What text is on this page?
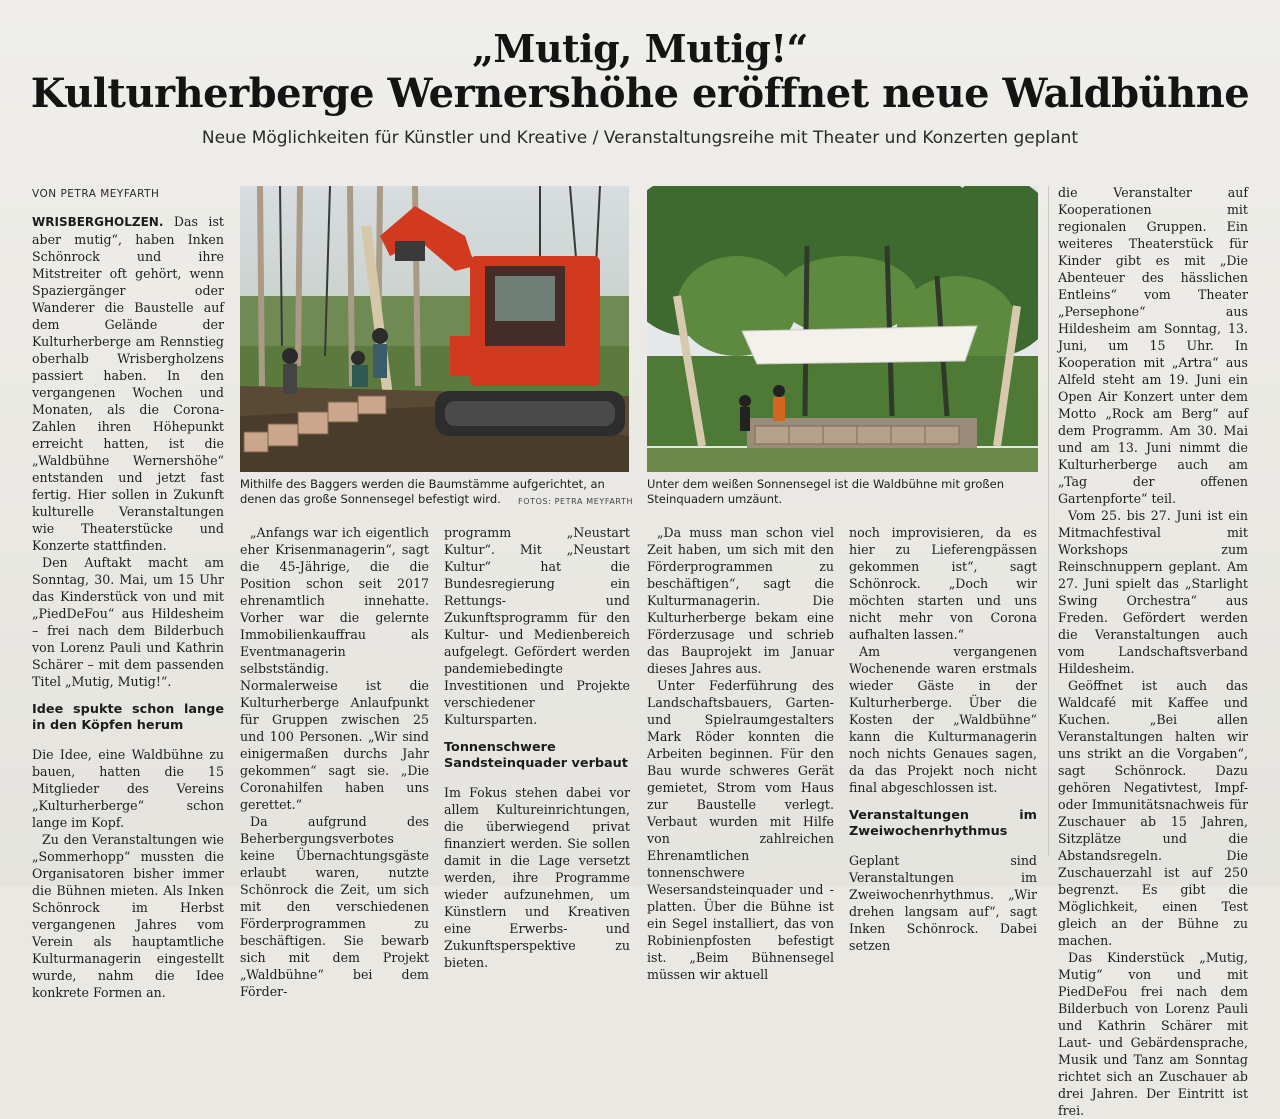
„Mutig, Mutig!“
Kulturherberge Wernershöhe eröffnet neue Waldbühne
Neue Möglichkeiten für Künstler und Kreative / Veranstaltungsreihe mit Theater und Konzerten geplant
VON PETRA MEYFARTH

WRISBERGHOLZEN. Das ist aber mutig“, haben Inken Schönrock und ihre Mitstreiter oft gehört, wenn Spaziergänger oder Wanderer die Baustelle auf dem Gelände der Kulturherberge am Rennstieg oberhalb Wrisbergholzens passiert haben. In den vergangenen Wochen und Monaten, als die Corona-Zahlen ihren Höhepunkt erreicht hatten, ist die „Waldbühne Wernershöhe“ entstanden und jetzt fast fertig. Hier sollen in Zukunft kulturelle Veranstaltungen wie Theaterstücke und Konzerte stattfinden.

Den Auftakt macht am Sonntag, 30. Mai, um 15 Uhr das Kinderstück von und mit „PiedDeFou“ aus Hildesheim – frei nach dem Bilderbuch von Lorenz Pauli und Kathrin Schärer – mit dem passenden Titel „Mutig, Mutig!“.

Idee spukte schon lange in den Köpfen herum

Die Idee, eine Waldbühne zu bauen, hatten die 15 Mitglieder des Vereins „Kulturherberge“ schon lange im Kopf.

Zu den Veranstaltungen wie „Sommerhopp“ mussten die Organisatoren bisher immer die Bühnen mieten. Als Inken Schönrock im Herbst vergangenen Jahres vom Verein als hauptamtliche Kulturmanagerin eingestellt wurde, nahm die Idee konkrete Formen an.

Mithilfe des Baggers werden die Baumstämme aufgerichtet, an denen das große Sonnensegel befestigt wird.	FOTOS: PETRA MEYFARTH
Unter dem weißen Sonnensegel ist die Waldbühne mit großen Steinquadern umzäunt.

„Anfangs war ich eigentlich eher Krisenmanagerin“, sagt die 45-Jährige, die die Position schon seit 2017 ehrenamtlich innehatte. Vorher war die gelernte Immobilienkauffrau als Eventmanagerin selbstständig. Normalerweise ist die Kulturherberge Anlaufpunkt für Gruppen zwischen 25 und 100 Personen. „Wir sind einigermaßen durchs Jahr gekommen“ sagt sie. „Die Coronahilfen haben uns gerettet.“

Da aufgrund des Beherbergungsverbotes keine Übernachtungsgäste erlaubt waren, nutzte Schönrock die Zeit, um sich mit den verschiedenen Förderprogrammen zu beschäftigen. Sie bewarb sich mit dem Projekt „Waldbühne“ bei dem Förder-

programm „Neustart Kultur“. Mit „Neustart Kultur“ hat die Bundesregierung ein Rettungs- und Zukunftsprogramm für den Kultur- und Medienbereich aufgelegt. Gefördert werden pandemiebedingte Investitionen und Projekte verschiedener Kultursparten.

Tonnenschwere Sandsteinquader verbaut

Im Fokus stehen dabei vor allem Kultureinrichtungen, die überwiegend privat finanziert werden. Sie sollen damit in die Lage versetzt werden, ihre Programme wieder aufzunehmen, um Künstlern und Kreativen eine Erwerbs- und Zukunftsperspektive zu bieten.

„Da muss man schon viel Zeit haben, um sich mit den Förderprogrammen zu beschäftigen“, sagt die Kulturmanagerin. Die Kulturherberge bekam eine Förderzusage und schrieb das Bauprojekt im Januar dieses Jahres aus.

Unter Federführung des Landschaftsbauers, Garten- und Spielraumgestalters Mark Röder konnten die Arbeiten beginnen. Für den Bau wurde schweres Gerät gemietet, Strom vom Haus zur Baustelle verlegt. Verbaut wurden mit Hilfe von zahlreichen Ehrenamtlichen tonnenschwere Wesersandsteinquader und -platten. Über die Bühne ist ein Segel installiert, das von Robinienpfosten befestigt ist. „Beim Bühnensegel müssen wir aktuell

noch improvisieren, da es hier zu Lieferengpässen gekommen ist“, sagt Schönrock. „Doch wir möchten starten und uns nicht mehr von Corona aufhalten lassen.“

Am vergangenen Wochenende waren erstmals wieder Gäste in der Kulturherberge. Über die Kosten der „Waldbühne“ kann die Kulturmanagerin noch nichts Genaues sagen, da das Projekt noch nicht final abgeschlossen ist.

Veranstaltungen im Zweiwochenrhythmus

Geplant sind Veranstaltungen im Zweiwochenrhythmus. „Wir drehen langsam auf“, sagt Inken Schönrock. Dabei setzen

die Veranstalter auf Kooperationen mit regionalen Gruppen. Ein weiteres Theaterstück für Kinder gibt es mit „Die Abenteuer des hässlichen Entleins“ vom Theater „Persephone“ aus Hildesheim am Sonntag, 13. Juni, um 15 Uhr. In Kooperation mit „Artra“ aus Alfeld steht am 19. Juni ein Open Air Konzert unter dem Motto „Rock am Berg“ auf dem Programm. Am 30. Mai und am 13. Juni nimmt die Kulturherberge auch am „Tag der offenen Gartenpforte“ teil.

Vom 25. bis 27. Juni ist ein Mitmachfestival mit Workshops zum Reinschnuppern geplant. Am 27. Juni spielt das „Starlight Swing Orchestra“ aus Freden. Gefördert werden die Veranstaltungen auch vom Landschaftsverband Hildesheim.

Geöffnet ist auch das Waldcafé mit Kaffee und Kuchen. „Bei allen Veranstaltungen halten wir uns strikt an die Vorgaben“, sagt Schönrock. Dazu gehören Negativtest, Impf- oder Immunitätsnachweis für Zuschauer ab 15 Jahren, Sitzplätze und die Abstandsregeln. Die Zuschauerzahl ist auf 250 begrenzt. Es gibt die Möglichkeit, einen Test gleich an der Bühne zu machen.

Das Kinderstück „Mutig, Mutig“ von und mit PiedDeFou frei nach dem Bilderbuch von Lorenz Pauli und Kathrin Schärer mit Laut- und Gebärdensprache, Musik und Tanz am Sonntag richtet sich an Zuschauer ab drei Jahren. Der Eintritt ist frei.
